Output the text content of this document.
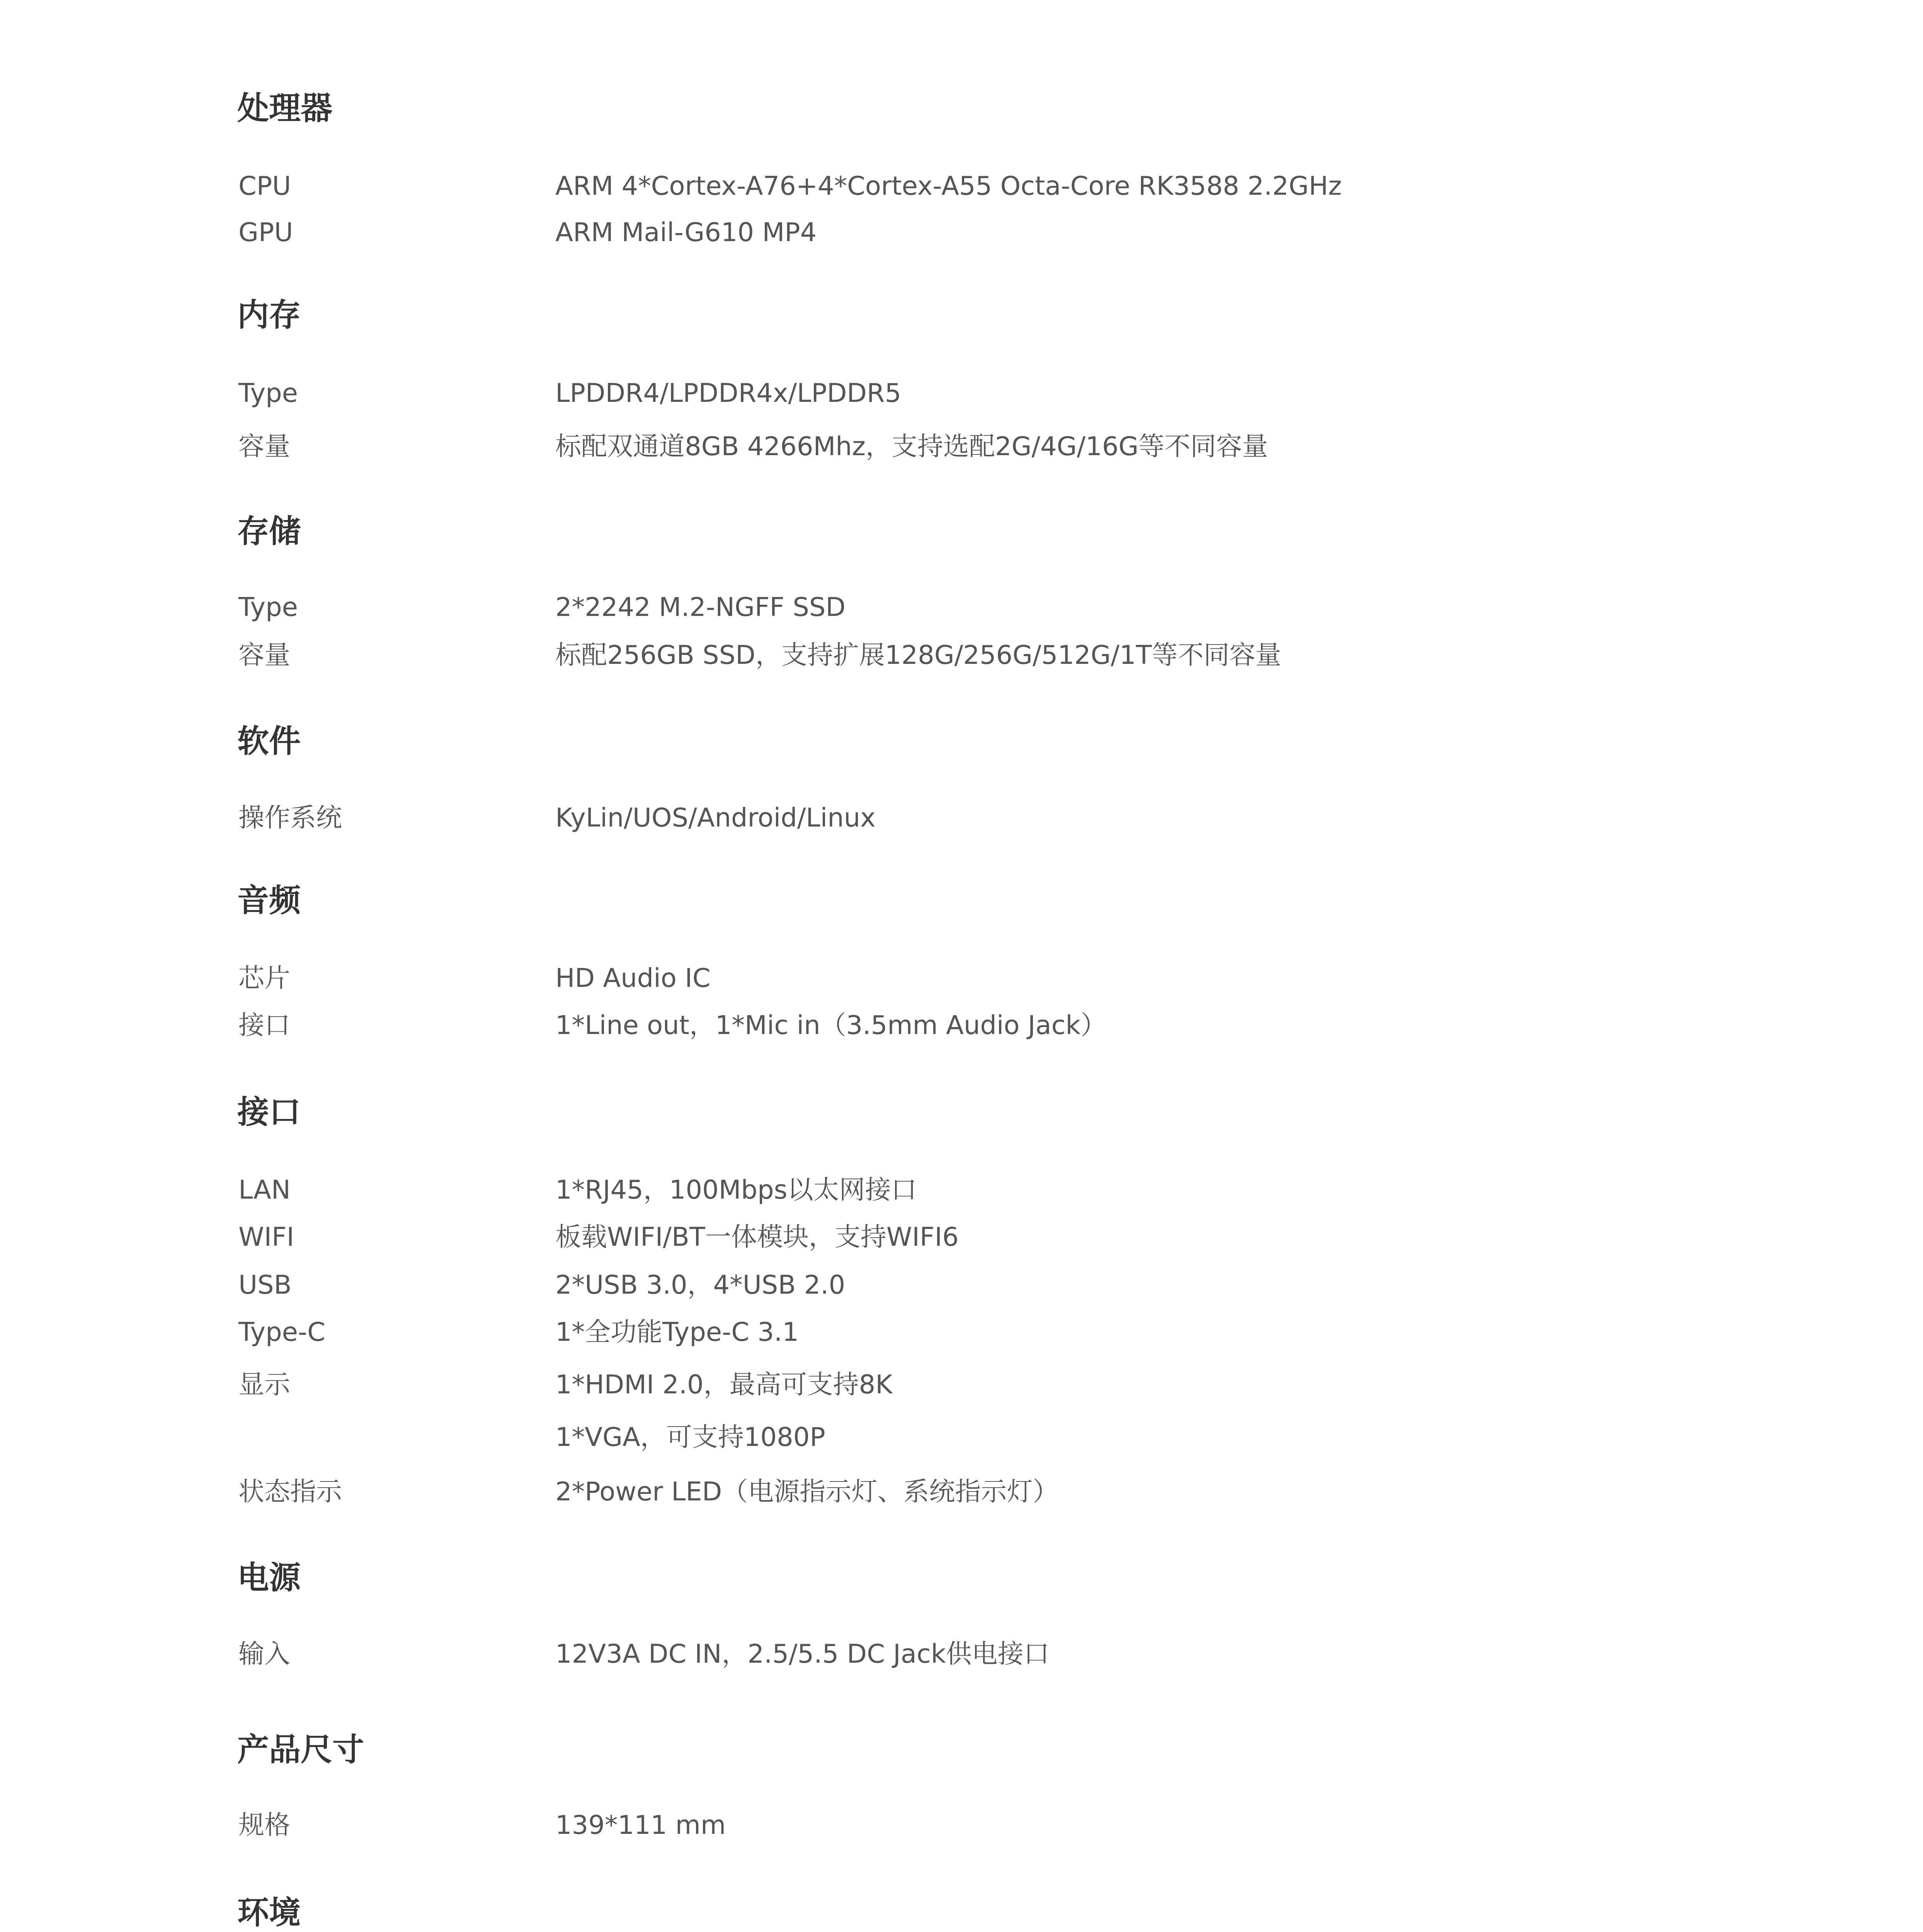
处理器
CPU	ARM 4*Cortex-A76+4*Cortex-A55 Octa-Core RK3588 2.2GHz
GPU	ARM Mail-G610 MP4
内存
Type	LPDDR4/LPDDR4x/LPDDR5
容量	标配双通道8GB 4266Mhz，支持选配2G/4G/16G等不同容量
存储
Type	2*2242 M.2-NGFF SSD
容量	标配256GB SSD，支持扩展128G/256G/512G/1T等不同容量
软件
操作系统	KyLin/UOS/Android/Linux
音频
芯片	HD Audio IC
接口	1*Line out，1*Mic in（3.5mm Audio Jack）
接口
LAN	1*RJ45，100Mbps以太网接口
WIFI	板载WIFI/BT一体模块，支持WIFI6
USB	2*USB 3.0，4*USB 2.0
Type-C	1*全功能Type-C 3.1
显示	1*HDMI 2.0，最高可支持8K
1*VGA，可支持1080P
状态指示	2*Power LED（电源指示灯、系统指示灯）
电源
输入	12V3A DC IN，2.5/5.5 DC Jack供电接口
产品尺寸
规格	139*111 mm
环境
